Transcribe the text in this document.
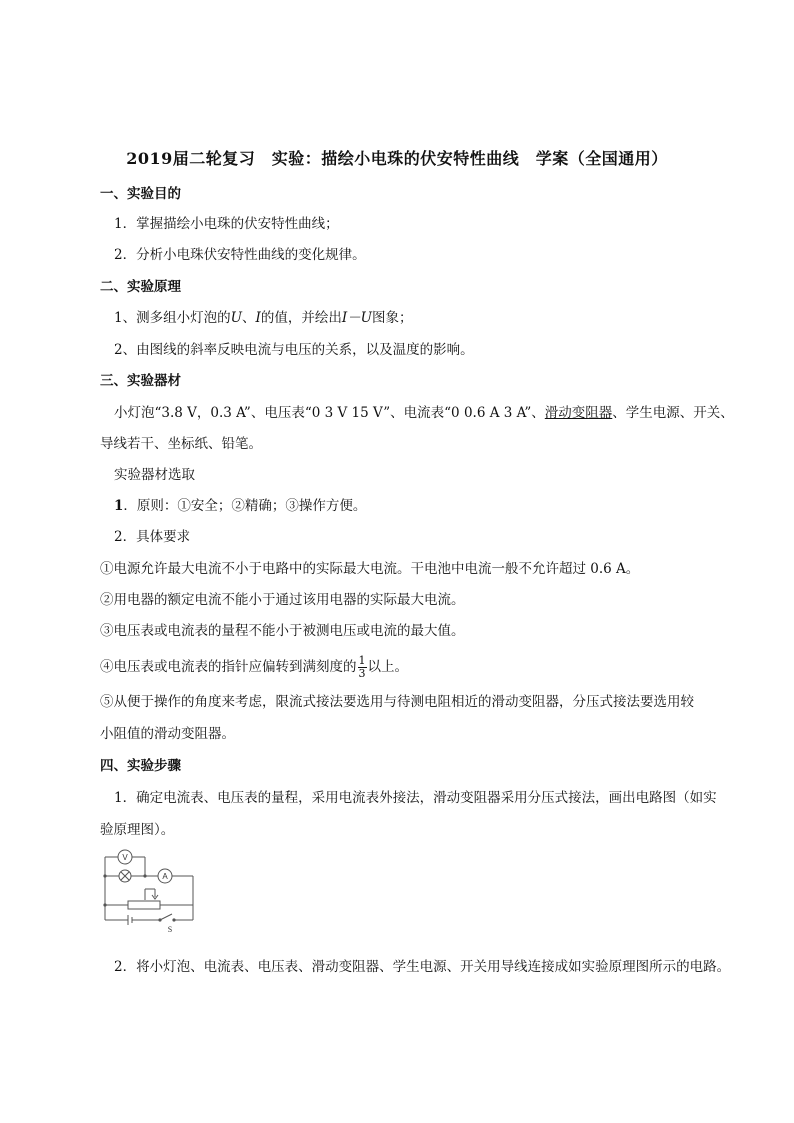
2019届二轮复习　实验：描绘小电珠的伏安特性曲线　学案（全国通用）
一、实验目的
1．掌握描绘小电珠的伏安特性曲线；
2．分析小电珠伏安特性曲线的变化规律。
二、实验原理
1、测多组小灯泡的U、I的值，并绘出I－U图象；
2、由图线的斜率反映电流与电压的关系，以及温度的影响。
三、实验器材
小灯泡“3.8 V，0.3 A”、电压表“0 3 V 15 V”、电流表“0 0.6 A 3 A”、滑动变阻器、学生电源、开关、
导线若干、坐标纸、铅笔。
实验器材选取
1．原则：①安全；②精确；③操作方便。
2．具体要求
①电源允许最大电流不小于电路中的实际最大电流。干电池中电流一般不允许超过 0.6 A。
②用电器的额定电流不能小于通过该用电器的实际最大电流。
③电压表或电流表的量程不能小于被测电压或电流的最大值。
④电压表或电流表的指针应偏转到满刻度的 $\frac{1}{3}$ 以上。
⑤从便于操作的角度来考虑，限流式接法要选用与待测电阻相近的滑动变阻器，分压式接法要选用较
小阻值的滑动变阻器。
四、实验步骤
1．确定电流表、电压表的量程，采用电流表外接法，滑动变阻器采用分压式接法，画出电路图（如实
验原理图）。
V
A
S
2．将小灯泡、电流表、电压表、滑动变阻器、学生电源、开关用导线连接成如实验原理图所示的电路。
